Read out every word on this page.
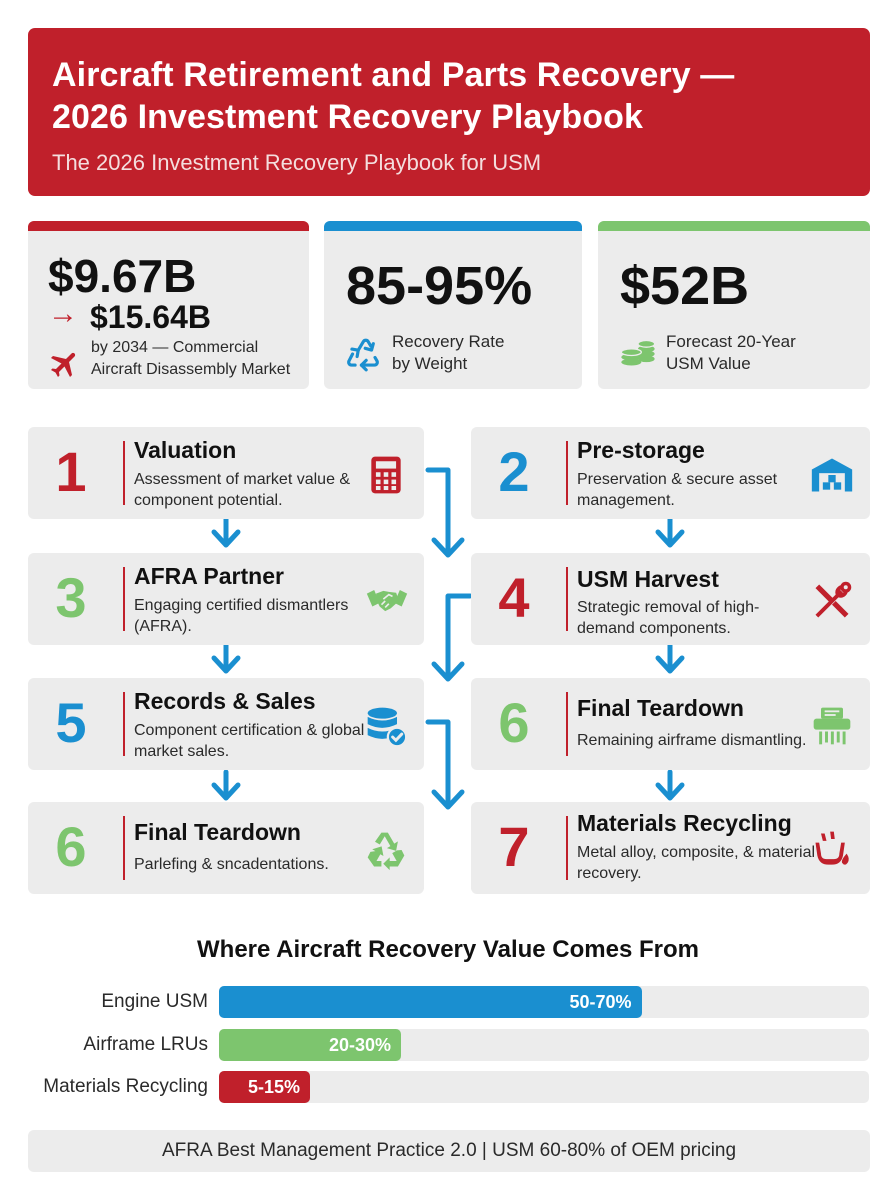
Aircraft Retirement and Parts Recovery —
2026 Investment Recovery Playbook
The 2026 Investment Recovery Playbook for USM
$9.67B
→ $15.64B
by 2034 — Commercial
Aircraft Disassembly Market
85-95%
Recovery Rate
by Weight
$52B
Forecast 20-Year
USM Value
1	Valuation
Assessment of market value & component potential.	2	Pre-storage
Preservation & secure asset management.
3	AFRA Partner
Engaging certified dismantlers (AFRA).	4	USM Harvest
Strategic removal of high-demand components.
5	Records & Sales
Component certification & global market sales.	6	Final Teardown
Remaining airframe dismantling.
6	Final Teardown
Parlefing & sncadentations.	7	Materials Recycling
Metal alloy, composite, & material recovery.
Where Aircraft Recovery Value Comes From
Engine USM	50-70%
Airframe LRUs	20-30%
Materials Recycling 5-15%
AFRA Best Management Practice 2.0 | USM 60-80% of OEM pricing
